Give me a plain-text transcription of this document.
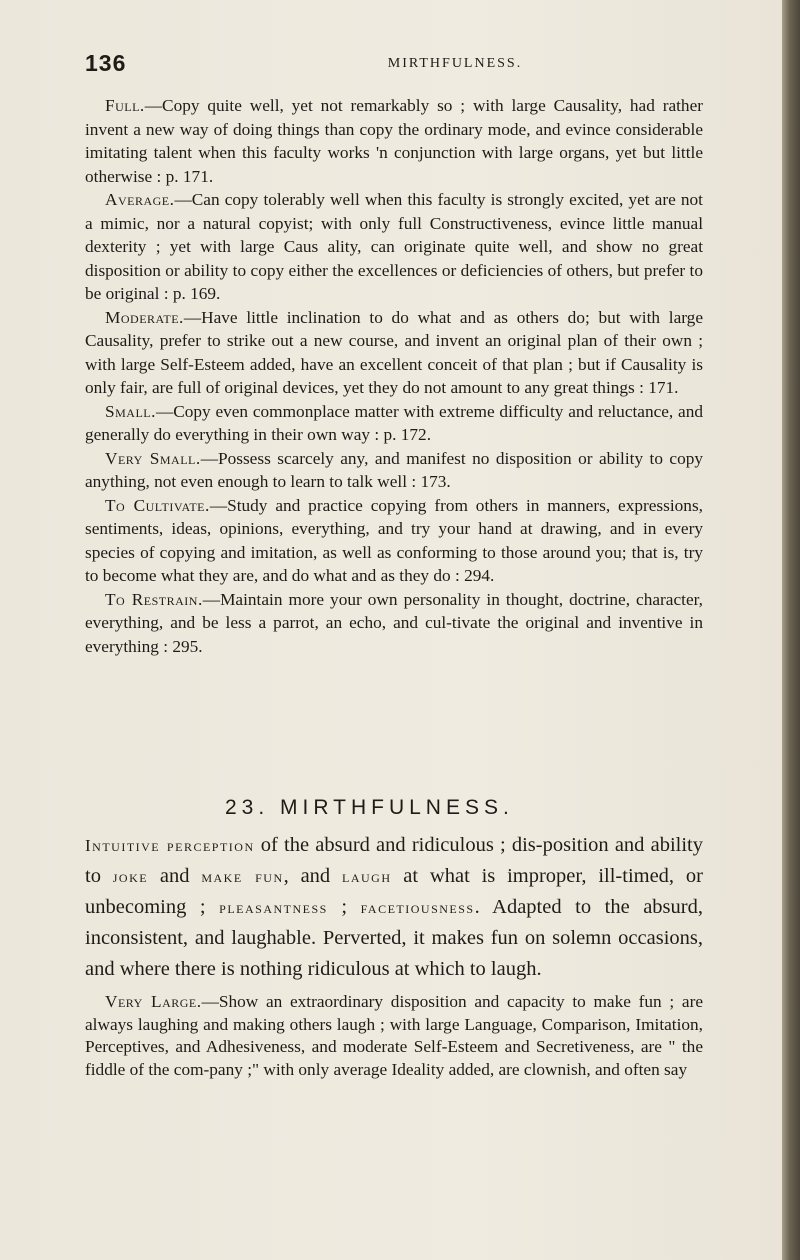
136	MIRTHFULNESS.

Full.—Copy quite well, yet not remarkably so ; with large Causality, had rather invent a new way of doing things than copy the ordinary mode, and evince considerable imitating talent when this faculty works 'n conjunction with large organs, yet but little otherwise : p. 171.

Average.—Can copy tolerably well when this faculty is strongly excited, yet are not a mimic, nor a natural copyist; with only full Constructiveness, evince little manual dexterity ; yet with large Caus ality, can originate quite well, and show no great disposition or ability to copy either the excellences or deficiencies of others, but prefer to be original : p. 169.

Moderate.—Have little inclination to do what and as others do; but with large Causality, prefer to strike out a new course, and invent an original plan of their own ; with large Self-Esteem added, have an excellent conceit of that plan ; but if Causality is only fair, are full of original devices, yet they do not amount to any great things : 171.

Small.—Copy even commonplace matter with extreme difficulty and reluctance, and generally do everything in their own way : p. 172.

Very Small.—Possess scarcely any, and manifest no disposition or ability to copy anything, not even enough to learn to talk well : 173.

To Cultivate.—Study and practice copying from others in manners, expressions, sentiments, ideas, opinions, everything, and try your hand at drawing, and in every species of copying and imitation, as well as conforming to those around you; that is, try to become what they are, and do what and as they do : 294.

To Restrain.—Maintain more your own personality in thought, doctrine, character, everything, and be less a parrot, an echo, and cul-tivate the original and inventive in everything : 295.

23. MIRTHFULNESS.

Intuitive perception of the absurd and ridiculous ; dis-position and ability to joke and make fun, and laugh at what is improper, ill-timed, or unbecoming ; pleasantness ; facetiousness. Adapted to the absurd, inconsistent, and laughable. Perverted, it makes fun on solemn occasions, and where there is nothing ridiculous at which to laugh.

Very Large.—Show an extraordinary disposition and capacity to make fun ; are always laughing and making others laugh ; with large Language, Comparison, Imitation, Perceptives, and Adhesiveness, and moderate Self-Esteem and Secretiveness, are " the fiddle of the com-pany ;" with only average Ideality added, are clownish, and often say
